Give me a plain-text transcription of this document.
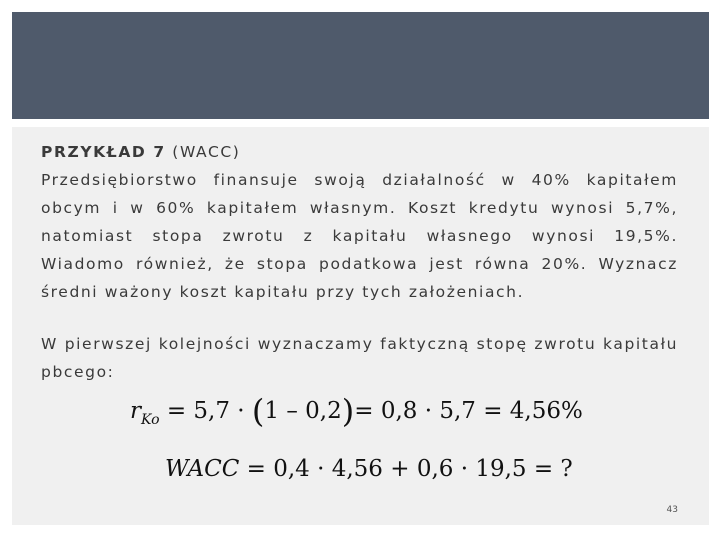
PRZYKŁAD 7 (WACC)
Przedsiębiorstwo finansuje swoją działalność w 40% kapitałem obcym i w 60% kapitałem własnym. Koszt kredytu wynosi 5,7%, natomiast stopa zwrotu z kapitału własnego wynosi 19,5%. Wiadomo również, że stopa podatkowa jest równa 20%. Wyznacz średni ważony koszt kapitału przy tych założeniach.
W pierwszej kolejności wyznaczamy faktyczną stopę zwrotu kapitału pbcego:
$r_{Ko} = 5,7 \cdot (1 - 0,2)= 0,8 \cdot 5,7 = 4,56\%$
WACC = 0,4 · 4,56 + 0,6 · 19,5 = ?
43
